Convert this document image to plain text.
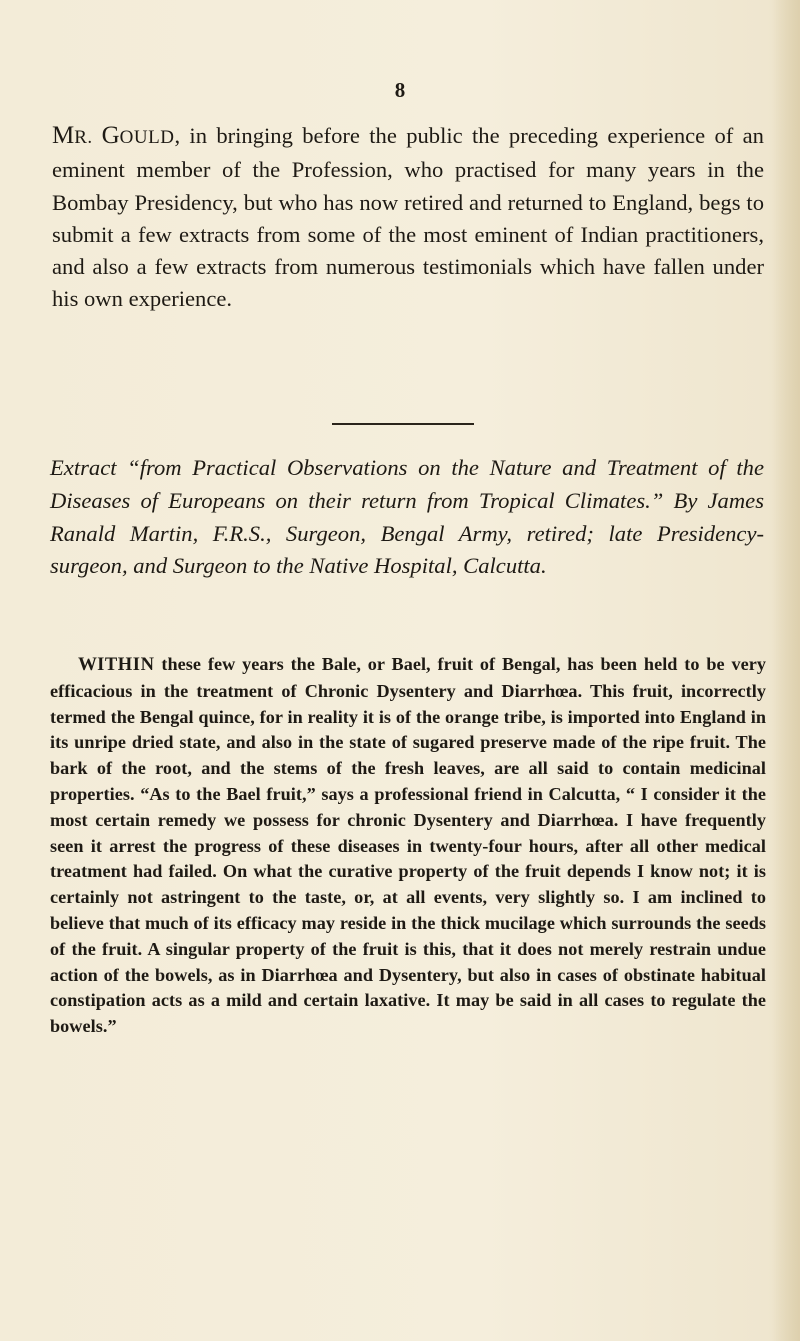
8

MR. GOULD, in bringing before the public the preceding experience of an eminent member of the Profession, who practised for many years in the Bombay Presidency, but who has now retired and returned to England, begs to submit a few extracts from some of the most eminent of Indian practitioners, and also a few extracts from numerous testimonials which have fallen under his own experience.

Extract “from Practical Observations on the Nature and Treatment of the Diseases of Europeans on their return from Tropical Climates.” By James Ranald Martin, F.R.S., Surgeon, Bengal Army, retired; late Presidency-surgeon, and Surgeon to the Native Hospital, Calcutta.

WITHIN these few years the Bale, or Bael, fruit of Bengal, has been held to be very efficacious in the treatment of Chronic Dysentery and Diarrhœa. This fruit, incorrectly termed the Bengal quince, for in reality it is of the orange tribe, is imported into England in its unripe dried state, and also in the state of sugared preserve made of the ripe fruit. The bark of the root, and the stems of the fresh leaves, are all said to contain medicinal properties. “As to the Bael fruit,” says a professional friend in Calcutta, “ I consider it the most certain remedy we possess for chronic Dysentery and Diarrhœa. I have frequently seen it arrest the progress of these diseases in twenty-four hours, after all other medical treatment had failed. On what the curative property of the fruit depends I know not; it is certainly not astringent to the taste, or, at all events, very slightly so. I am inclined to believe that much of its efficacy may reside in the thick mucilage which surrounds the seeds of the fruit. A singular property of the fruit is this, that it does not merely restrain undue action of the bowels, as in Diarrhœa and Dysentery, but also in cases of obstinate habitual constipation acts as a mild and certain laxative. It may be said in all cases to regulate the bowels.”
